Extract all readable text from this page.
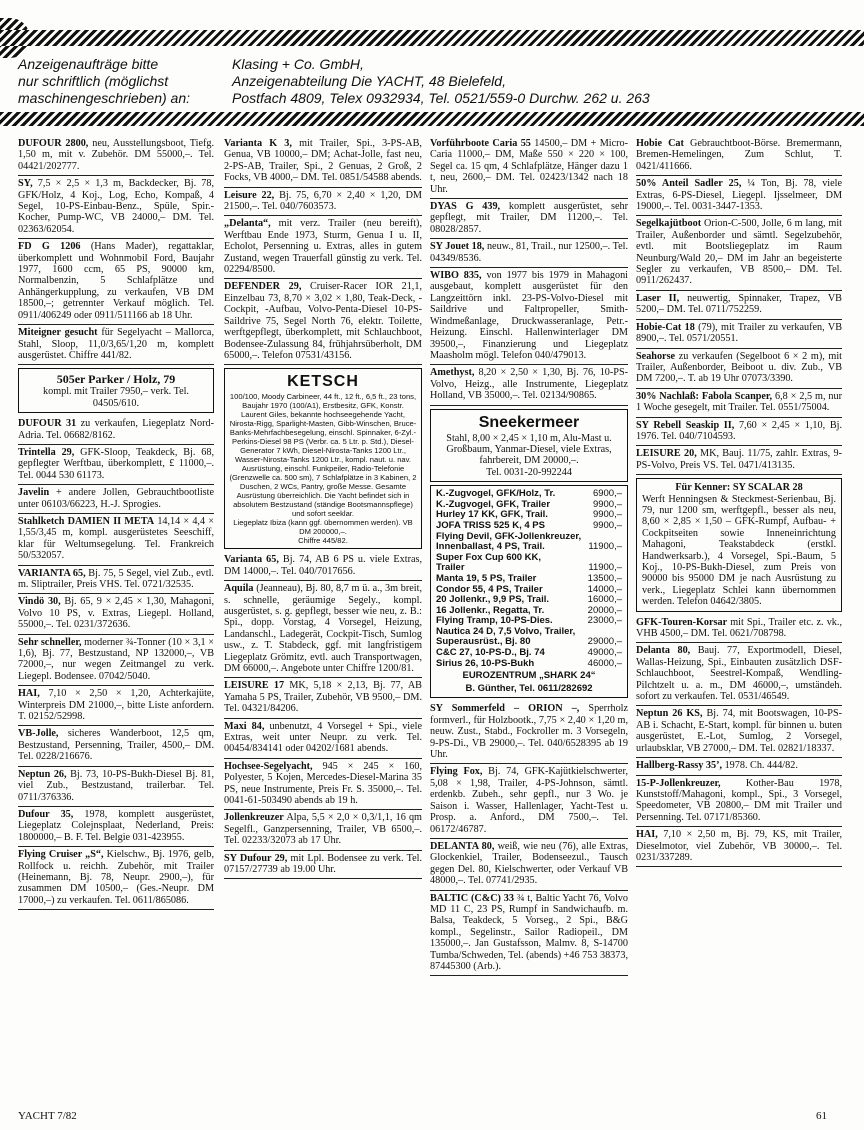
Anzeigenaufträge bitte
nur schriftlich (möglichst
maschinengeschrieben) an:
Klasing + Co. GmbH,
Anzeigenabteilung Die YACHT, 48 Bielefeld,
Postfach 4809, Telex 0932934, Tel. 0521/559-0 Durchw. 262 u. 263
DUFOUR 2800, neu, Ausstellungsboot, Tiefg. 1,50 m, mit v. Zubehör. DM 55000,–. Tel. 04421/202777.
SY, 7,5 × 2,5 × 1,3 m, Backdecker, Bj. 78, GFK/Holz, 4 Koj., Log, Echo, Kompaß, 4 Segel, 10-PS-Einbau-Benz., Spüle, Spir.-Kocher, Pump-WC, VB 24000,– DM. Tel. 02363/62054.
FD G 1206 (Hans Mader), regattaklar, überkomplett und Wohnmobil Ford, Baujahr 1977, 1600 ccm, 65 PS, 90000 km, Normalbenzin, 5 Schlafplätze und Anhängerkupplung, zu verkaufen, VB DM 18500,–; getrennter Verkauf möglich. Tel. 0911/406249 oder 0911/511166 ab 18 Uhr.
Miteigner gesucht für Segelyacht – Mallorca, Stahl, Sloop, 11,0/3,65/1,20 m, komplett ausgerüstet. Chiffre 441/82.
505er Parker / Holz, 79
kompl. mit Trailer 7950,– verk. Tel. 04505/610.
DUFOUR 31 zu verkaufen, Liegeplatz Nord-Adria. Tel. 06682/8162.
Trintella 29, GFK-Sloop, Teakdeck, Bj. 68, gepflegter Werftbau, überkomplett, £ 11000,–. Tel. 0044 530 61173.
Javelin + andere Jollen, Gebrauchtbootliste unter 06103/66223, H.-J. Sprogies.
Stahlketch DAMIEN II META 14,14 × 4,4 × 1,55/3,45 m, kompl. ausgerüstetes Seeschiff, klar für Weltumsegelung. Tel. Frankreich 50/532057.
VARIANTA 65, Bj. 75, 5 Segel, viel Zub., evtl. m. Sliptrailer, Preis VHS. Tel. 0721/32535.
Vindö 30, Bj. 65, 9 × 2,45 × 1,30, Mahagoni, Volvo 10 PS, v. Extras, Liegepl. Holland, 55000,–. Tel. 0231/372636.
Sehr schneller, moderner ¾-Tonner (10 × 3,1 × 1,6), Bj. 77, Bestzustand, NP 132000,–, VB 72000,–, nur wegen Zeitmangel zu verk. Liegepl. Bodensee. 07042/5040.
HAI, 7,10 × 2,50 × 1,20, Achterkajüte, Winterpreis DM 21000,–, bitte Liste anfordern. T. 02152/52998.
VB-Jolle, sicheres Wanderboot, 12,5 qm, Bestzustand, Persenning, Trailer, 4500,– DM. Tel. 0228/216676.
Neptun 26, Bj. 73, 10-PS-Bukh-Diesel Bj. 81, viel Zub., Bestzustand, trailerbar. Tel. 0711/376336.
Dufour 35, 1978, komplett ausgerüstet, Liegeplatz Colejnsplaat, Nederland, Preis: 1800000,– B. F. Tel. Belgie 031-423955.
Flying Cruiser „S“, Kielschw., Bj. 1976, gelb, Rollfock u. reichh. Zubehör, mit Trailer (Heinemann, Bj. 78, Neupr. 2900,–), für zusammen DM 10500,– (Ges.-Neupr. DM 17000,–) zu verkaufen. Tel. 0611/865086.
Varianta K 3, mit Trailer, Spi., 3-PS-AB, Genua, VB 10000,– DM; Achat-Jolle, fast neu, 2-PS-AB, Trailer, Spi., 2 Genuas, 2 Groß, 2 Focks, VB 4000,– DM. Tel. 0851/54588 abends.
Leisure 22, Bj. 75, 6,70 × 2,40 × 1,20, DM 21500,–. Tel. 040/7603573.
„Delanta“, mit verz. Trailer (neu bereift), Werftbau Ende 1973, Sturm, Genua I u. II, Echolot, Persenning u. Extras, alles in gutem Zustand, wegen Trauerfall günstig zu verk. Tel. 02294/8500.
DEFENDER 29, Cruiser-Racer IOR 21,1, Einzelbau 73, 8,70 × 3,02 × 1,80, Teak-Deck, -Cockpit, -Aufbau, Volvo-Penta-Diesel 10-PS-Saildrive 75, Segel North 76, elektr. Toilette, werftgepflegt, überkomplett, mit Schlauchboot, Bodensee-Zulassung 84, frühjahrsüberholt, DM 65000,–. Telefon 07531/43156.
KETSCH
100/100, Moody Carbineer, 44 ft., 12 ft., 6,5 ft., 23 tons, Baujahr 1970 (100/A1), Erstbesitz, GFK, Konstr. Laurent Giles, bekannte hochseegehende Yacht, Nirosta-Rigg, Sparlight-Masten, Gibb-Winschen, Bruce-Banks-Mehrfachbesegelung, einschl. Spinnaker, 6-Zyl.-Perkins-Diesel 98 PS (Verbr. ca. 5 Ltr. p. Std.), Diesel-Generator 7 kWh, Diesel-Nirosta-Tanks 1200 Ltr., Wasser-Nirosta-Tanks 1200 Ltr., kompl. naut. u. nav. Ausrüstung, einschl. Funkpeiler, Radio-Telefonie (Grenzwelle ca. 500 sm), 7 Schlafplätze in 3 Kabinen, 2 Duschen, 2 WCs, Pantry, große Messe. Gesamte Ausrüstung überreichlich. Die Yacht befindet sich in absolutem Bestzustand (ständige Bootsmannspflege) und sofort seeklar.
Liegeplatz Ibiza (kann ggf. übernommen werden). VB DM 200000,–.
Chiffre 445/82.
Varianta 65, Bj. 74, AB 6 PS u. viele Extras, DM 14000,–. Tel. 040/7017656.
Aquila (Jeanneau), Bj. 80, 8,7 m ü. a., 3m breit, s. schnelle, geräumige Segely., kompl. ausgerüstet, s. g. gepflegt, besser wie neu, z. B.: Spi., dopp. Vorstag, 4 Vorsegel, Heizung, Landanschl., Ladegerät, Cockpit-Tisch, Sumlog usw., z. T. Stabdeck, ggf. mit langfristigem Liegeplatz Grömitz, evtl. auch Transportwagen, DM 66000,–. Angebote unter Chiffre 1200/81.
LEISURE 17 MK, 5,18 × 2,13, Bj. 77, AB Yamaha 5 PS, Trailer, Zubehör, VB 9500,– DM. Tel. 04321/84206.
Maxi 84, unbenutzt, 4 Vorsegel + Spi., viele Extras, weit unter Neupr. zu verk. Tel. 00454/834141 oder 04202/1681 abends.
Hochsee-Segelyacht, 945 × 245 × 160, Polyester, 5 Kojen, Mercedes-Diesel-Marina 35 PS, neue Instrumente, Preis Fr. S. 35000,–. Tel. 0041-61-503490 abends ab 19 h.
Jollenkreuzer Alpa, 5,5 × 2,0 × 0,3/1,1, 16 qm Segelfl., Ganzpersenning, Trailer, VB 6500,–. Tel. 02233/32073 ab 17 Uhr.
SY Dufour 29, mit Lpl. Bodensee zu verk. Tel. 07157/27739 ab 19.00 Uhr.
Vorführboote Caria 55 14500,– DM + Micro-Caria 11000,– DM, Maße 550 × 220 × 100, Segel ca. 15 qm, 4 Schlafplätze, Hänger dazu 1 t, neu, 2600,– DM. Tel. 02423/1342 nach 18 Uhr.
DYAS G 439, komplett ausgerüstet, sehr gepflegt, mit Trailer, DM 11200,–. Tel. 08028/2857.
SY Jouet 18, neuw., 81, Trail., nur 12500,–. Tel. 04349/8536.
WIBO 835, von 1977 bis 1979 in Mahagoni ausgebaut, komplett ausgerüstet für den Langzeittörn inkl. 23-PS-Volvo-Diesel mit Saildrive und Faltpropeller, Smith-Windmeßanlage, Druckwasseranlage, Petr.-Heizung. Einschl. Hallenwinterlager DM 39500,–, Finanzierung und Liegeplatz Maasholm mögl. Telefon 040/479013.
Amethyst, 8,20 × 2,50 × 1,30, Bj. 76, 10-PS-Volvo, Heizg., alle Instrumente, Liegeplatz Holland, VB 35000,–. Tel. 02134/90865.
Sneekermeer
Stahl, 8,00 × 2,45 × 1,10 m, Alu-Mast u. Großbaum, Yanmar-Diesel, viele Extras, fahrbereit, DM 20000,–.
Tel. 0031-20-992244
K.-Zugvogel, GFK/Holz, Tr.	6900,–
K.-Zugvogel, GFK, Trailer	9900,–
Hurley 17 KK, GFK, Trail.	9900,–
JOFA TRISS 525 K, 4 PS	9900,–
Flying Devil, GFK-Jollenkreuzer,
Innenballast, 4 PS, Trail.	11900,–
Super Fox Cup 600 KK,
Trailer	11900,–
Manta 19, 5 PS, Trailer	13500,–
Condor 55, 4 PS, Trailer	14000,–
20 Jollenkr., 9,9 PS, Trail.	16000,–
16 Jollenkr., Regatta, Tr.	20000,–
Flying Tramp, 10-PS-Dies.	23000,–
Nautica 24 D, 7,5 Volvo, Trailer,
Superausrüst., Bj. 80	29000,–
C&C 27, 10-PS-D., Bj. 74	49000,–
Sirius 26, 10-PS-Bukh	46000,–
EUROZENTRUM „SHARK 24“
B. Günther, Tel. 0611/282692
SY Sommerfeld – ORION –, Sperrholz formverl., für Holzbootk., 7,75 × 2,40 × 1,20 m, neuw. Zust., Stabd., Fockroller m. 3 Vorsegeln, 9-PS-Di., VB 29000,–. Tel. 040/6528395 ab 19 Uhr.
Flying Fox, Bj. 74, GFK-Kajütkielschwerter, 5,08 × 1,98, Trailer, 4-PS-Johnson, sämtl. erdenkb. Zubeh., sehr gepfl., nur 3 Wo. je Saison i. Wasser, Hallenlager, Yacht-Test u. Prosp. a. Anford., DM 7500,–. Tel. 06172/46787.
DELANTA 80, weiß, wie neu (76), alle Extras, Glockenkiel, Trailer, Bodenseezul., Tausch gegen Del. 80, Kielschwerter, oder Verkauf VB 48000,–. Tel. 07741/2935.
BALTIC (C&C) 33 ¾ t, Baltic Yacht 76, Volvo MD 11 C, 23 PS, Rumpf in Sandwichaufb. m. Balsa, Teakdeck, 5 Vorseg., 2 Spi., B&G kompl., Segelinstr., Sailor Radiopeil., DM 135000,–. Jan Gustafsson, Malmv. 8, S-14700 Tumba/Schweden, Tel. (abends) +46 753 38373, 87445300 (Arb.).
Hobie Cat Gebrauchtboot-Börse. Bremermann, Bremen-Hemelingen, Zum Schlut, T. 0421/411666.
50% Anteil Sadler 25, ¼ Ton, Bj. 78, viele Extras, 6-PS-Diesel, Liegepl. Ijsselmeer, DM 19000,–. Tel. 0031-3447-1353.
Segelkajütboot Orion-C-500, Jolle, 6 m lang, mit Trailer, Außenborder und sämtl. Segelzubehör, evtl. mit Bootsliegeplatz im Raum Neunburg/Wald 20,– DM im Jahr an begeisterte Segler zu verkaufen, VB 8500,– DM. Tel. 0911/262437.
Laser II, neuwertig, Spinnaker, Trapez, VB 5200,– DM. Tel. 0711/752259.
Hobie-Cat 18 (79), mit Trailer zu verkaufen, VB 8900,–. Tel. 0571/20551.
Seahorse zu verkaufen (Segelboot 6 × 2 m), mit Trailer, Außenborder, Beiboot u. div. Zub., VB DM 7200,–. T. ab 19 Uhr 07073/3390.
30% Nachlaß: Fabola Scanper, 6,8 × 2,5 m, nur 1 Woche gesegelt, mit Trailer. Tel. 0551/75004.
SY Rebell Seaskip II, 7,60 × 2,45 × 1,10, Bj. 1976. Tel. 040/7104593.
LEISURE 20, MK, Bauj. 11/75, zahlr. Extras, 9-PS-Volvo, Preis VS. Tel. 0471/413135.
Für Kenner: SY SCALAR 28
Werft Henningsen & Steckmest-Serienbau, Bj. 79, nur 1200 sm, werftgepfl., besser als neu, 8,60 × 2,85 × 1,50 – GFK-Rumpf, Aufbau- + Cockpitseiten sowie Inneneinrichtung Mahagoni, Teakstabdeck (erstkl. Handwerksarb.), 4 Vorsegel, Spi.-Baum, 5 Koj., 10-PS-Bukh-Diesel, zum Preis von 90000 bis 95000 DM je nach Ausrüstung zu verk., Liegeplatz Schlei kann übernommen werden. Telefon 04642/3805.
GFK-Touren-Korsar mit Spi., Trailer etc. z. vk., VHB 4500,– DM. Tel. 0621/708798.
Delanta 80, Bauj. 77, Exportmodell, Diesel, Wallas-Heizung, Spi., Einbauten zusätzlich DSF-Schlauchboot, Seestrel-Kompaß, Wendling-Pilchtzelt u. a. m., DM 46000,–, umständeh. sofort zu verkaufen. Tel. 0531/46549.
Neptun 26 KS, Bj. 74, mit Bootswagen, 10-PS-AB i. Schacht, E-Start, kompl. für binnen u. buten ausgerüstet, E.-Lot, Sumlog, 2 Vorsegel, urlaubsklar, VB 27000,– DM. Tel. 02821/18337.
Hallberg-Rassy 35’, 1978. Ch. 444/82.
15-P-Jollenkreuzer, Kother-Bau 1978, Kunststoff/Mahagoni, kompl., Spi., 3 Vorsegel, Speedometer, VB 20800,– DM mit Trailer und Persenning. Tel. 07171/85360.
HAI, 7,10 × 2,50 m, Bj. 79, KS, mit Trailer, Dieselmotor, viel Zubehör, VB 30000,–. Tel. 0231/337289.
YACHT 7/82	61
